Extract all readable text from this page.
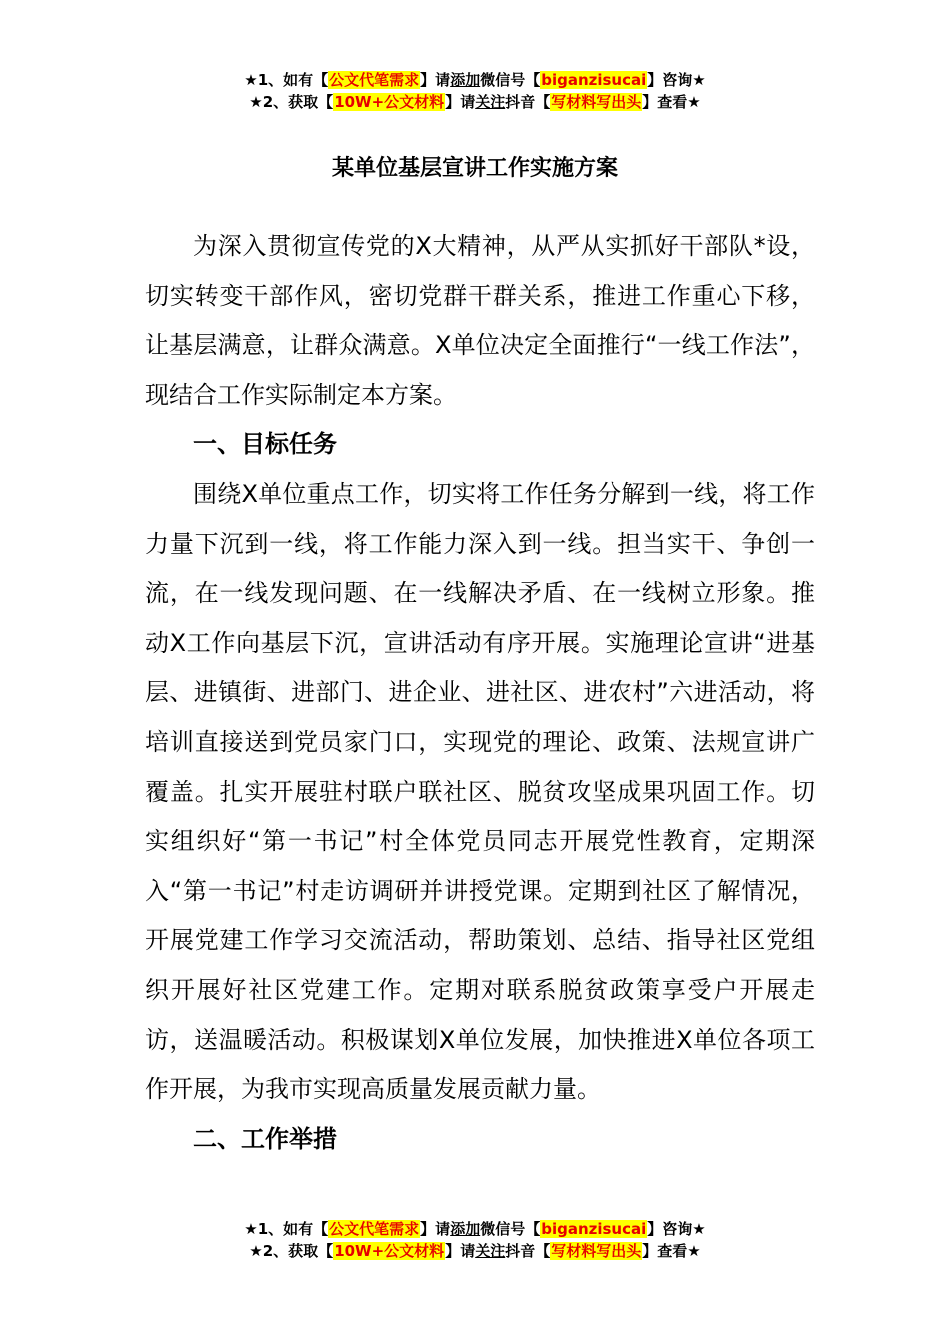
★1、如有【公文代笔需求】请添加微信号【biganzisucai】咨询★
★2、获取【10W+公文材料】请关注抖音【写材料写出头】查看★
某单位基层宣讲工作实施方案

为深入贯彻宣传党的Ⅹ大精神，从严从实抓好干部队*设，切实转变干部作风，密切党群干群关系，推进工作重心下移，让基层满意，让群众满意。X单位决定全面推行“一线工作法”，现结合工作实际制定本方案。

一、目标任务

围绕X单位重点工作，切实将工作任务分解到一线，将工作力量下沉到一线，将工作能力深入到一线。担当实干、争创一流，在一线发现问题、在一线解决矛盾、在一线树立形象。推动X工作向基层下沉，宣讲活动有序开展。实施理论宣讲“进基层、进镇街、进部门、进企业、进社区、进农村”六进活动，将培训直接送到党员家门口，实现党的理论、政策、法规宣讲广覆盖。扎实开展驻村联户联社区、脱贫攻坚成果巩固工作。切实组织好“第一书记”村全体党员同志开展党性教育，定期深入“第一书记”村走访调研并讲授党课。定期到社区了解情况，开展党建工作学习交流活动，帮助策划、总结、指导社区党组织开展好社区党建工作。定期对联系脱贫政策享受户开展走访，送温暖活动。积极谋划X单位发展，加快推进X单位各项工作开展，为我市实现高质量发展贡献力量。

二、工作举措
★1、如有【公文代笔需求】请添加微信号【biganzisucai】咨询★
★2、获取【10W+公文材料】请关注抖音【写材料写出头】查看★
